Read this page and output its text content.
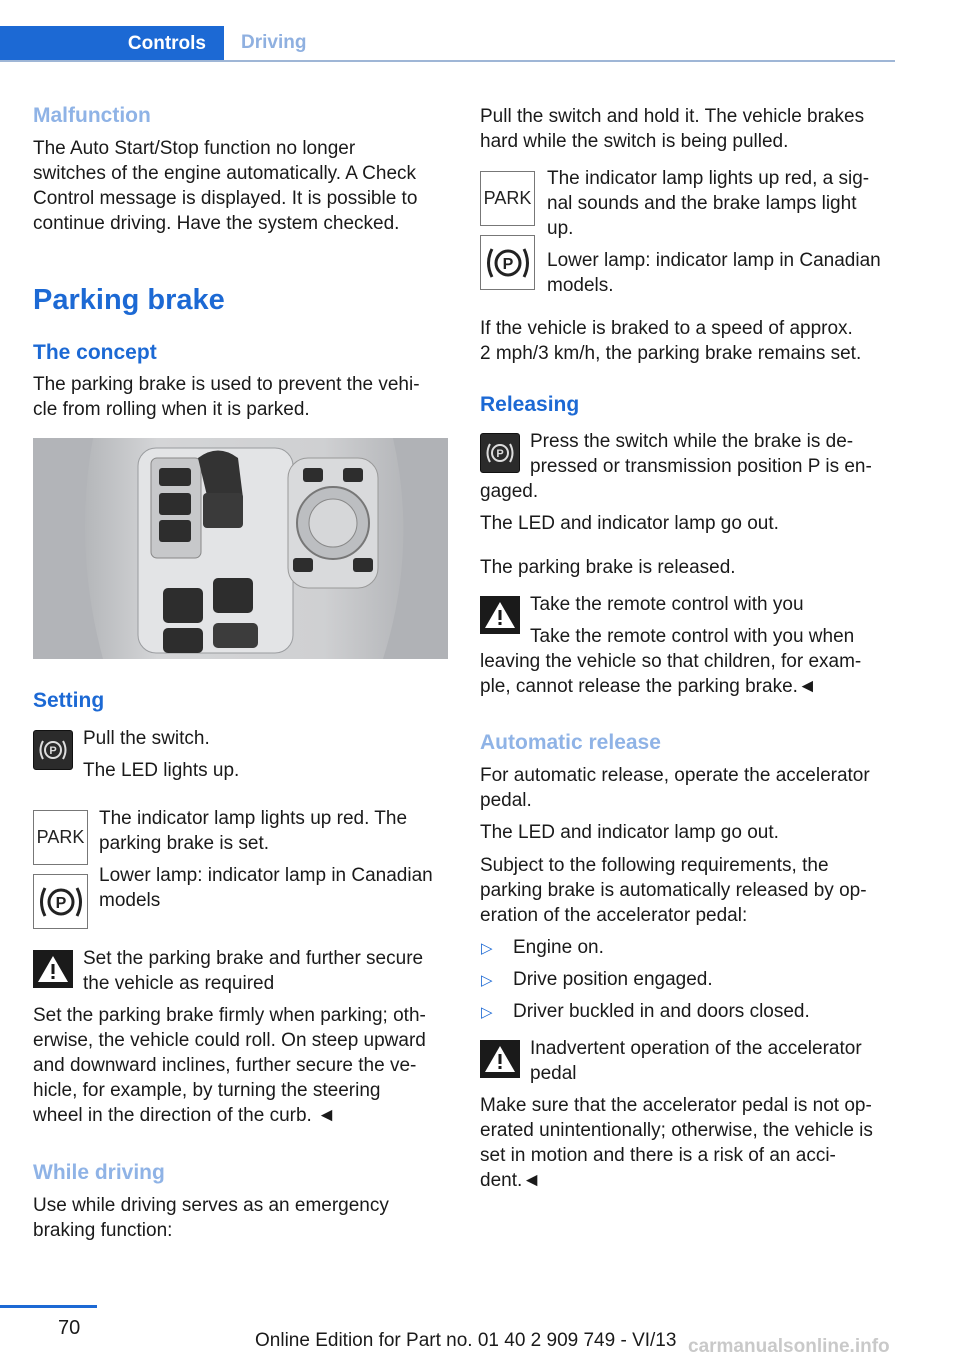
Controls	Driving
Malfunction
The Auto Start/Stop function no longer
switches of the engine automatically. A Check
Control message is displayed. It is possible to
continue driving. Have the system checked.
Parking brake
The concept
The parking brake is used to prevent the vehi-
cle from rolling when it is parked.
Setting
P
Pull the switch.
The LED lights up.
PARK
The indicator lamp lights up red. The
parking brake is set.
P
Lower lamp: indicator lamp in Canadian
models
Set the parking brake and further secure
the vehicle as required
Set the parking brake firmly when parking; oth-
erwise, the vehicle could roll. On steep upward
and downward inclines, further secure the ve-
hicle, for example, by turning the steering
wheel in the direction of the curb. ◄
While driving
Use while driving serves as an emergency
braking function:
Pull the switch and hold it. The vehicle brakes
hard while the switch is being pulled.
PARK
The indicator lamp lights up red, a sig-
nal sounds and the brake lamps light
up.
P Lower lamp: indicator lamp in Canadian
models.
If the vehicle is braked to a speed of approx.
2 mph/3 km/h, the parking brake remains set.
Releasing
P
Press the switch while the brake is de-
pressed or transmission position P is en-
gaged.
The LED and indicator lamp go out.
The parking brake is released.
Take the remote control with you
Take the remote control with you when
leaving the vehicle so that children, for exam-
ple, cannot release the parking brake.◄
Automatic release
For automatic release, operate the accelerator
pedal.
The LED and indicator lamp go out.
Subject to the following requirements, the
parking brake is automatically released by op-
eration of the accelerator pedal:
▷ Engine on.
▷ Drive position engaged.
▷ Driver buckled in and doors closed.
Inadvertent operation of the accelerator
pedal
Make sure that the accelerator pedal is not op-
erated unintentionally; otherwise, the vehicle is
set in motion and there is a risk of an acci-
dent.◄
70
Online Edition for Part no. 01 40 2 909 749 - VI/13 carmanualsonline.info
